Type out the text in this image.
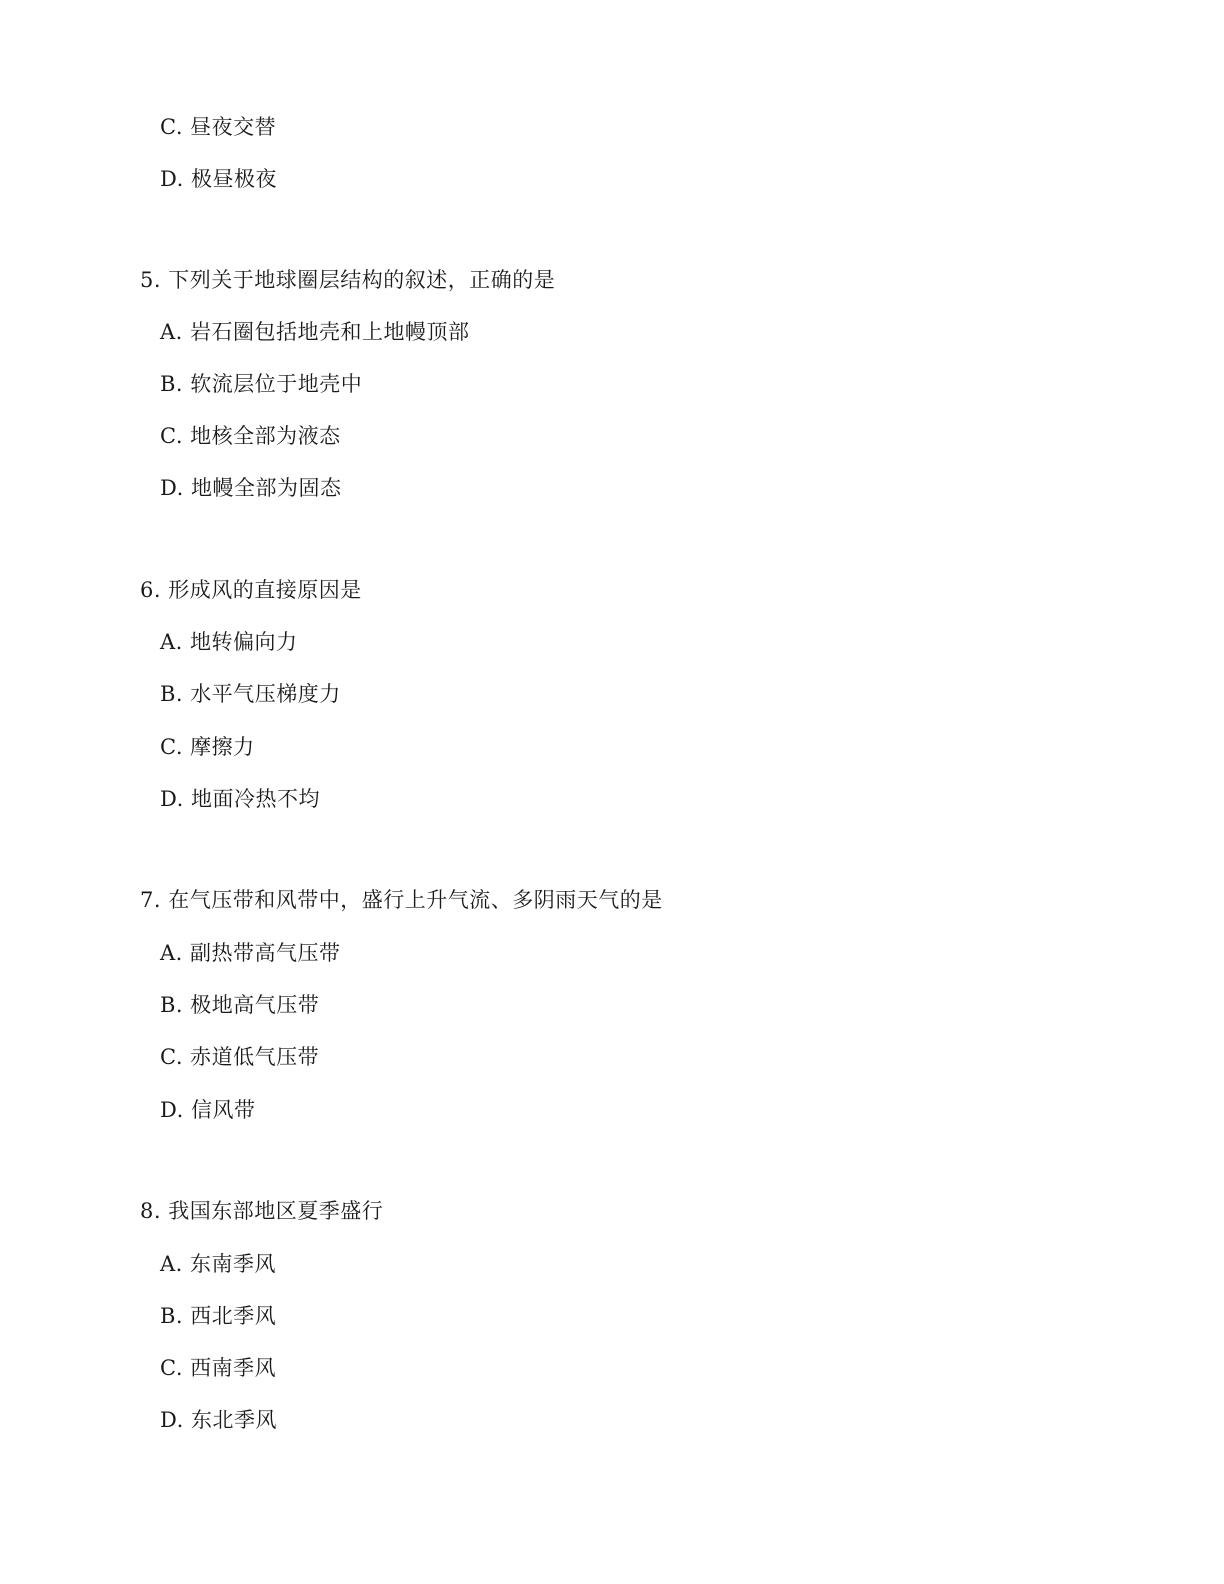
C. 昼夜交替
D. 极昼极夜
5. 下列关于地球圈层结构的叙述，正确的是
A. 岩石圈包括地壳和上地幔顶部
B. 软流层位于地壳中
C. 地核全部为液态
D. 地幔全部为固态
6. 形成风的直接原因是
A. 地转偏向力
B. 水平气压梯度力
C. 摩擦力
D. 地面冷热不均
7. 在气压带和风带中，盛行上升气流、多阴雨天气的是
A. 副热带高气压带
B. 极地高气压带
C. 赤道低气压带
D. 信风带
8. 我国东部地区夏季盛行
A. 东南季风
B. 西北季风
C. 西南季风
D. 东北季风
